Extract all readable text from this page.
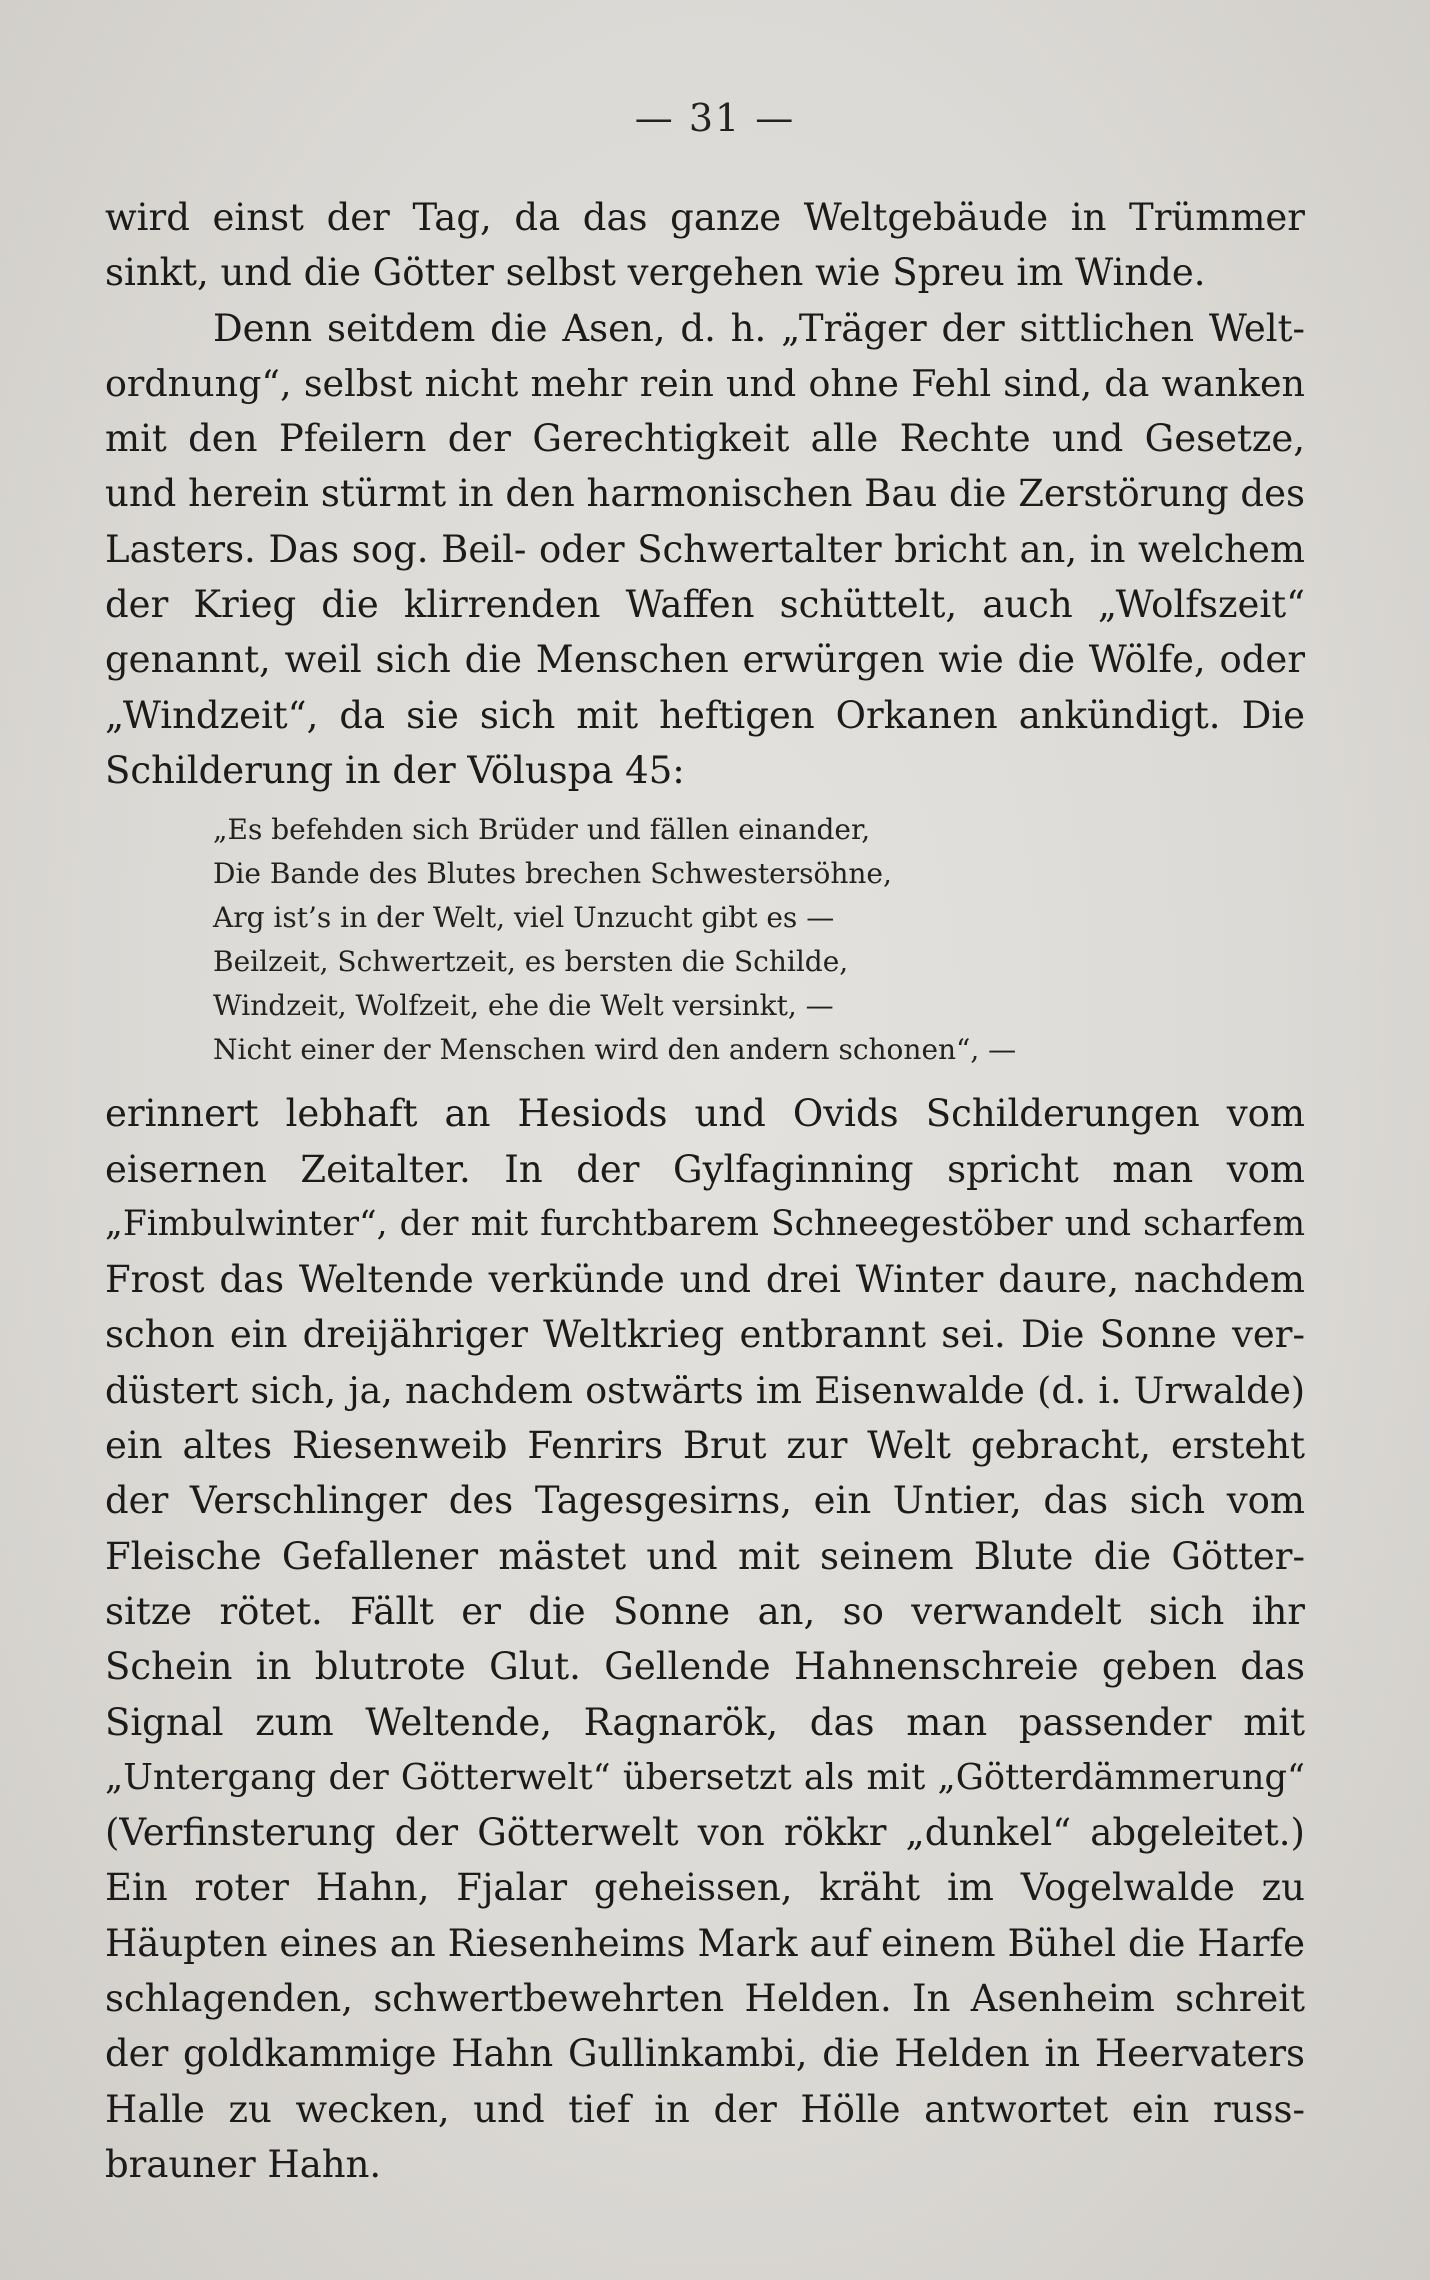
— 31 —
wird einst der Tag, da das ganze Weltgebäude in Trümmer
sinkt, und die Götter selbst vergehen wie Spreu im Winde.
Denn seitdem die Asen, d. h. „Träger der sittlichen Welt-
ordnung“, selbst nicht mehr rein und ohne Fehl sind, da wanken
mit den Pfeilern der Gerechtigkeit alle Rechte und Gesetze,
und herein stürmt in den harmonischen Bau die Zerstörung des
Lasters. Das sog. Beil- oder Schwertalter bricht an, in welchem
der Krieg die klirrenden Waffen schüttelt, auch „Wolfszeit“
genannt, weil sich die Menschen erwürgen wie die Wölfe, oder
„Windzeit“, da sie sich mit heftigen Orkanen ankündigt. Die
Schilderung in der Völuspa 45:
„Es befehden sich Brüder und fällen einander,
Die Bande des Blutes brechen Schwestersöhne,
Arg ist’s in der Welt, viel Unzucht gibt es —
Beilzeit, Schwertzeit, es bersten die Schilde,
Windzeit, Wolfzeit, ehe die Welt versinkt, —
Nicht einer der Menschen wird den andern schonen“, —
erinnert lebhaft an Hesiods und Ovids Schilderungen vom
eisernen Zeitalter. In der Gylfaginning spricht man vom
„Fimbulwinter“, der mit furchtbarem Schneegestöber und scharfem
Frost das Weltende verkünde und drei Winter daure, nachdem
schon ein dreijähriger Weltkrieg entbrannt sei. Die Sonne ver-
düstert sich, ja, nachdem ostwärts im Eisenwalde (d. i. Urwalde)
ein altes Riesenweib Fenrirs Brut zur Welt gebracht, ersteht
der Verschlinger des Tagesgesirns, ein Untier, das sich vom
Fleische Gefallener mästet und mit seinem Blute die Götter-
sitze rötet. Fällt er die Sonne an, so verwandelt sich ihr
Schein in blutrote Glut. Gellende Hahnenschreie geben das
Signal zum Weltende, Ragnarök, das man passender mit
„Untergang der Götterwelt“ übersetzt als mit „Götterdämmerung“
(Verfinsterung der Götterwelt von rökkr „dunkel“ abgeleitet.)
Ein roter Hahn, Fjalar geheissen, kräht im Vogelwalde zu
Häupten eines an Riesenheims Mark auf einem Bühel die Harfe
schlagenden, schwertbewehrten Helden. In Asenheim schreit
der goldkammige Hahn Gullinkambi, die Helden in Heervaters
Halle zu wecken, und tief in der Hölle antwortet ein russ-
brauner Hahn.
